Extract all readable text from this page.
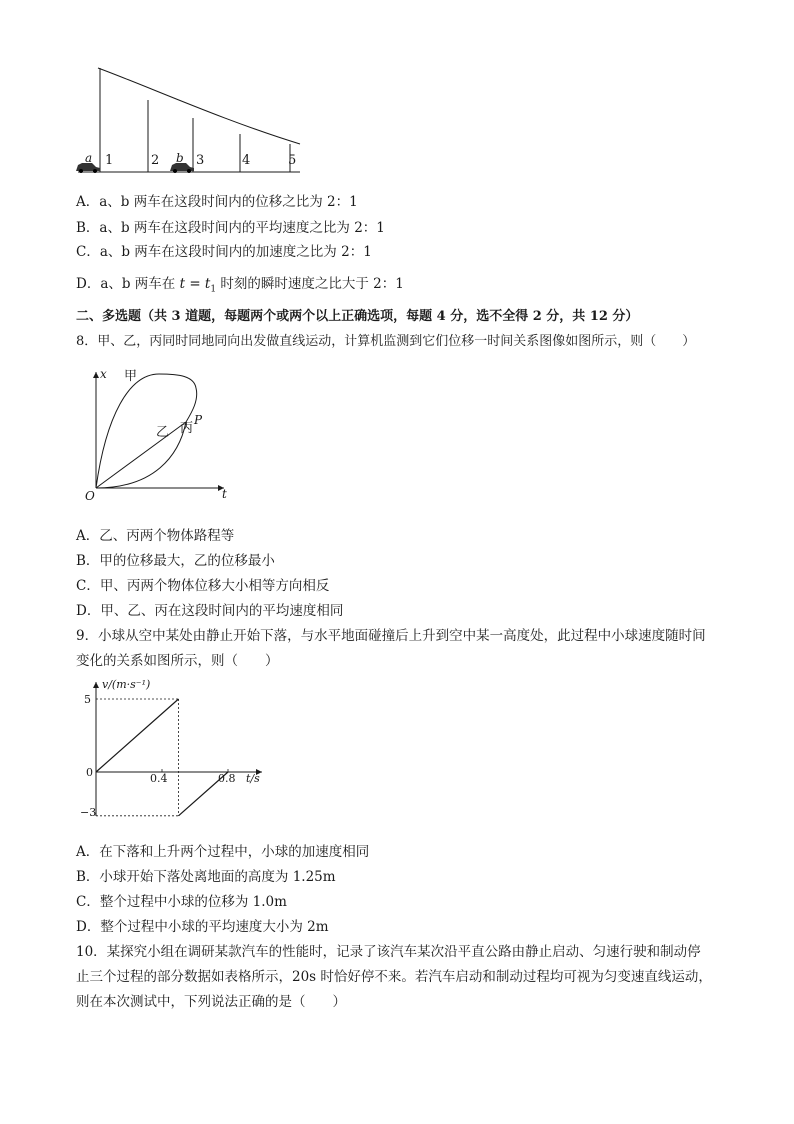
a	b
1	2	3	4	5
A．a、b 两车在这段时间内的位移之比为 2：1
B．a、b 两车在这段时间内的平均速度之比为 2：1
C．a、b 两车在这段时间内的加速度之比为 2：1
D．a、b 两车在 $t = t_1$ 时刻的瞬时速度之比大于 2：1
二、多选题（共 3 道题，每题两个或两个以上正确选项，每题 4 分，选不全得 2 分，共 12 分）
8．甲、乙，丙同时同地同向出发做直线运动，计算机监测到它们位移一时间关系图像如图所示，则（　　）
x
t
O
P
甲
乙 丙
A．乙、丙两个物体路程等
B．甲的位移最大，乙的位移最小
C．甲、丙两个物体位移大小相等方向相反
D．甲、乙、丙在这段时间内的平均速度相同
9．小球从空中某处由静止开始下落，与水平地面碰撞后上升到空中某一高度处，此过程中小球速度随时间
变化的关系如图所示，则（　　）
v/(m·s⁻¹)
t/s
5
0
−3
0.4	0.8
A．在下落和上升两个过程中，小球的加速度相同
B．小球开始下落处离地面的高度为 1.25m
C．整个过程中小球的位移为 1.0m
D．整个过程中小球的平均速度大小为 2m
10．某探究小组在调研某款汽车的性能时，记录了该汽车某次沿平直公路由静止启动、匀速行驶和制动停
止三个过程的部分数据如表格所示，20s 时恰好停不来。若汽车启动和制动过程均可视为匀变速直线运动，
则在本次测试中，下列说法正确的是（　　）
